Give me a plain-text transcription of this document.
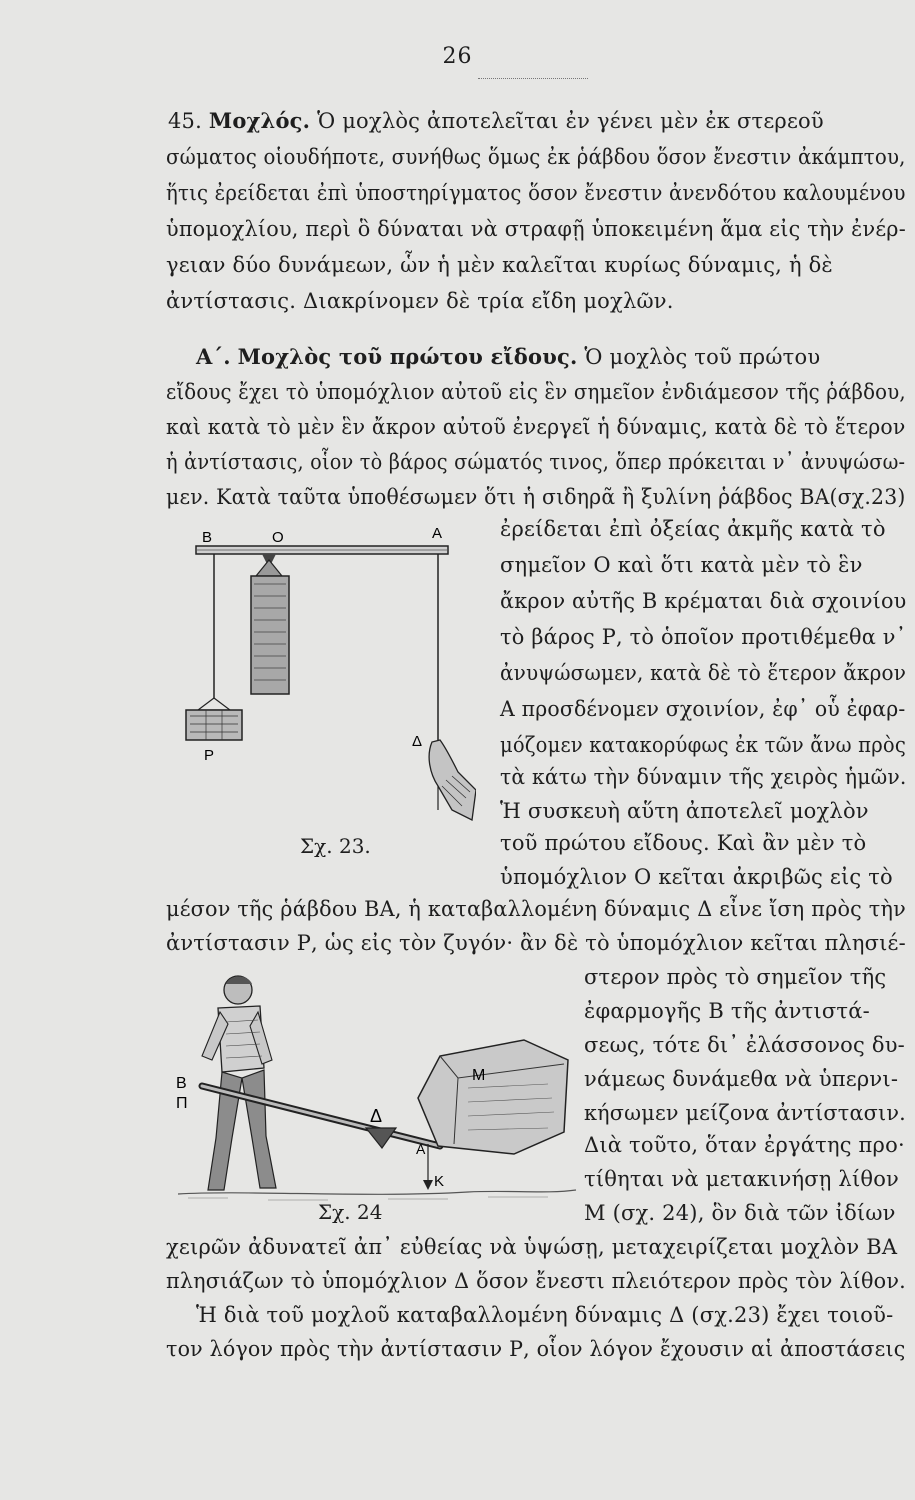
26
45. Μοχλός. Ὁ μοχλὸς ἀποτελεῖται ἐν γένει μὲν ἐκ στερεοῦ
σώματος οἱουδήποτε, συνήθως ὅμως ἐκ ῥάβδου ὅσον ἔνεστιν ἀκάμπτου,
ἥτις ἐρείδεται ἐπὶ ὑποστηρίγματος ὅσον ἔνεστιν ἀνενδότου καλουμένου
ὑπομοχλίου, περὶ ὃ δύναται νὰ στραφῇ ὑποκειμένη ἅμα εἰς τὴν ἐνέρ-
γειαν δύο δυνάμεων, ὧν ἡ μὲν καλεῖται κυρίως δύναμις, ἡ δὲ
ἀντίστασις. Διακρίνομεν δὲ τρία εἴδη μοχλῶν.
Α΄. Μοχλὸς τοῦ πρώτου εἴδους. Ὁ μοχλὸς τοῦ πρώτου
εἴδους ἔχει τὸ ὑπομόχλιον αὐτοῦ εἰς ἓν σημεῖον ἐνδιάμεσον τῆς ῥάβδου,
καὶ κατὰ τὸ μὲν ἓν ἄκρον αὐτοῦ ἐνεργεῖ ἡ δύναμις, κατὰ δὲ τὸ ἕτερον
ἡ ἀντίστασις, οἷον τὸ βάρος σώματός τινος, ὅπερ πρόκειται ν᾿ ἀνυψώσω-
μεν. Κατὰ ταῦτα ὑποθέσωμεν ὅτι ἡ σιδηρᾶ ἢ ξυλίνη ῥάβδος ΒΑ(σχ.23)
ἐρείδεται ἐπὶ ὀξείας ἀκμῆς κατὰ τὸ
σημεῖον Ο καὶ ὅτι κατὰ μὲν τὸ ἓν
ἄκρον αὐτῆς Β κρέμαται διὰ σχοινίου
τὸ βάρος Ρ, τὸ ὁποῖον προτιθέμεθα ν᾿
ἀνυψώσωμεν, κατὰ δὲ τὸ ἕτερον ἄκρον
Α προσδένομεν σχοινίον, ἐφ᾿ οὗ ἐφαρ-
μόζομεν κατακορύφως ἐκ τῶν ἄνω πρὸς
τὰ κάτω τὴν δύναμιν τῆς χειρὸς ἡμῶν.
Ἡ συσκευὴ αὕτη ἀποτελεῖ μοχλὸν
τοῦ πρώτου εἴδους. Καὶ ἂν μὲν τὸ
ὑπομόχλιον Ο κεῖται ἀκριβῶς εἰς τὸ
Β	Ο	Α
Ρ
Δ
Σχ. 23.
μέσον τῆς ῥάβδου ΒΑ, ἡ καταβαλλομένη δύναμις Δ εἶνε ἴση πρὸς τὴν
ἀντίστασιν Ρ, ὡς εἰς τὸν ζυγόν· ἂν δὲ τὸ ὑπομόχλιον κεῖται πλησιέ-
στερον πρὸς τὸ σημεῖον τῆς
ἐφαρμογῆς Β τῆς ἀντιστά-
σεως, τότε δι᾿ ἐλάσσονος δυ-
νάμεως δυνάμεθα νὰ ὑπερνι-
κήσωμεν μείζονα ἀντίστασιν.
Διὰ τοῦτο, ὅταν ἐργάτης προ·
τίθηται νὰ μετακινήσῃ λίθον
Μ (σχ. 24), ὃν διὰ τῶν ἰδίων
Β
Π
Δ
Α
Μ
Κ
Σχ. 24
χειρῶν ἀδυνατεῖ ἀπ᾿ εὐθείας νὰ ὑψώσῃ, μεταχειρίζεται μοχλὸν ΒΑ
πλησιάζων τὸ ὑπομόχλιον Δ ὅσον ἔνεστι πλειότερον πρὸς τὸν λίθον.
Ἡ διὰ τοῦ μοχλοῦ καταβαλλομένη δύναμις Δ (σχ.23) ἔχει τοιοῦ-
τον λόγον πρὸς τὴν ἀντίστασιν Ρ, οἷον λόγον ἔχουσιν αἱ ἀποστάσεις
